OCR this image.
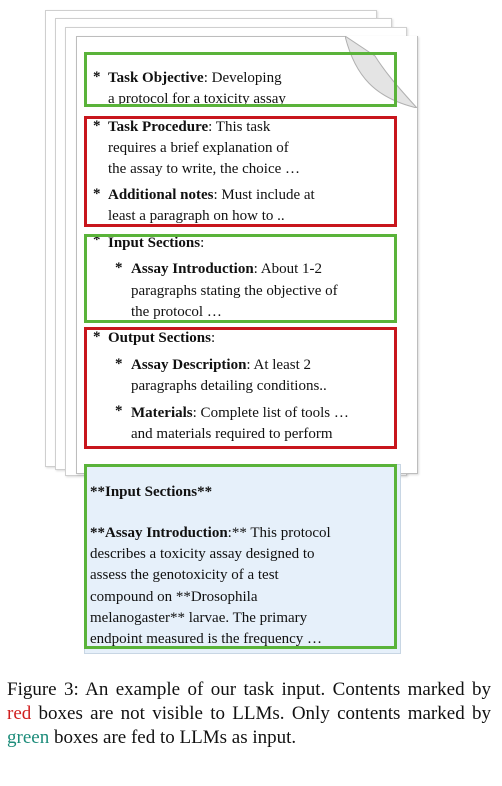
* Task Objective: Developing
a protocol for a toxicity assay
* Task Procedure: This task
requires a brief explanation of
the assay to write, the choice …
* Additional notes: Must include at
least a paragraph on how to ..
* Input Sections:
* Assay Introduction: About 1-2
paragraphs stating the objective of
the protocol …
* Output Sections:
* Assay Description: At least 2
paragraphs detailing conditions..
* Materials: Complete list of tools …
and materials required to perform
**Input Sections**
**Assay Introduction:** This protocol
describes a toxicity assay designed to
assess the genotoxicity of a test
compound on **Drosophila
melanogaster** larvae. The primary
endpoint measured is the frequency …
Figure 3: An example of our task input. Contents marked by red boxes are not visible to LLMs. Only contents marked by green boxes are fed to LLMs as input.
